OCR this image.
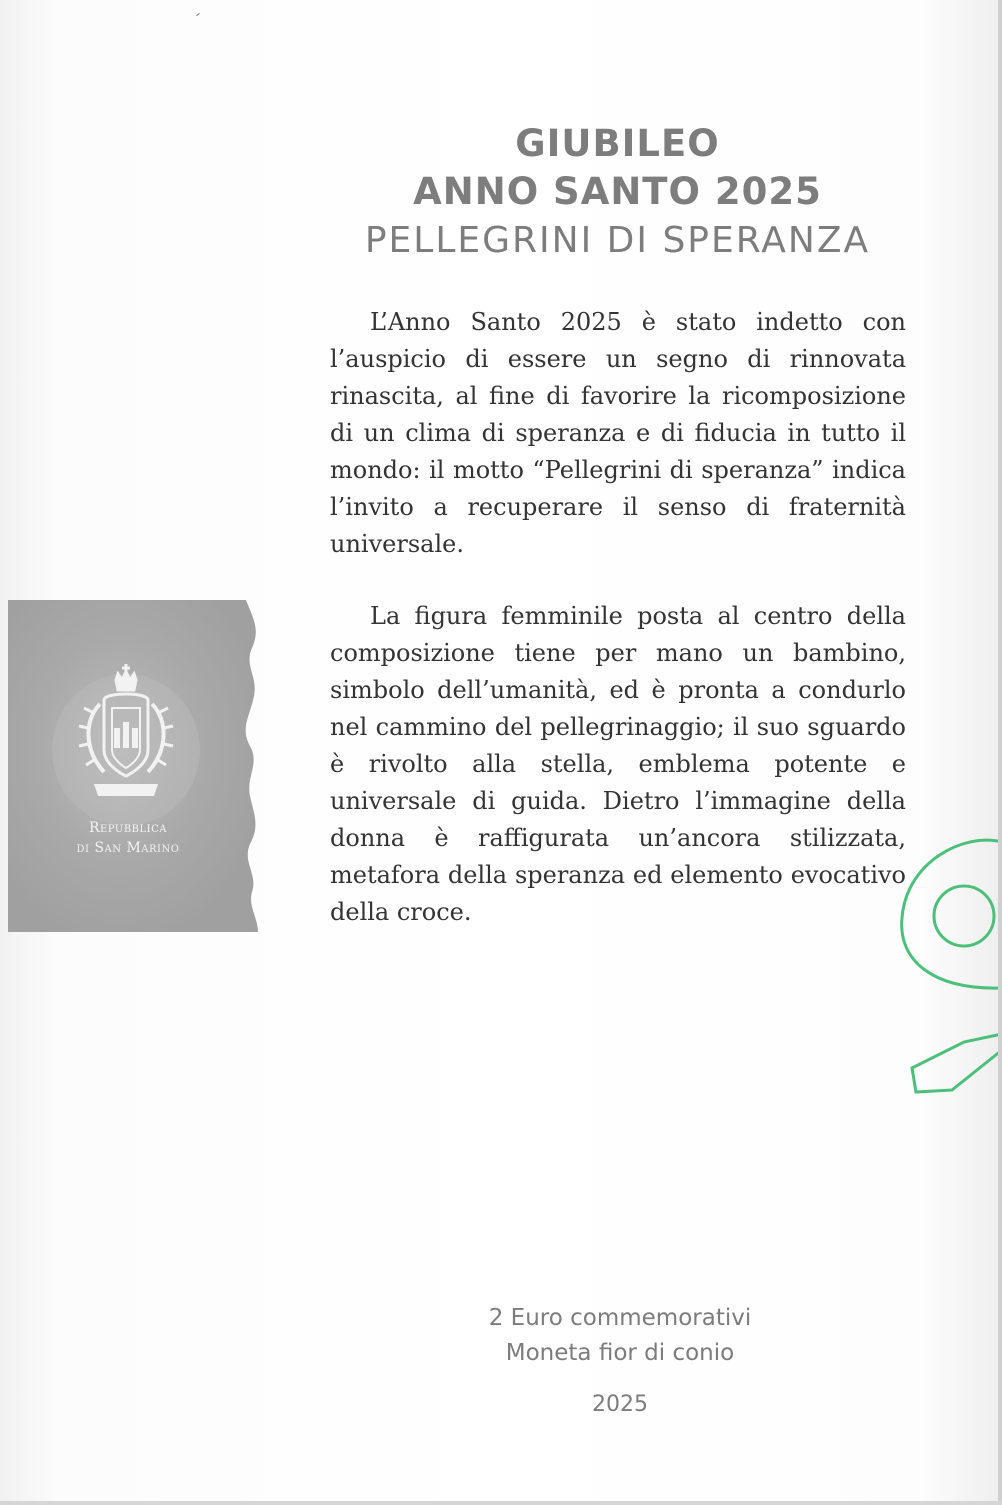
GIUBILEO
ANNO SANTO 2025
PELLEGRINI DI SPERANZA

L’Anno Santo 2025 è stato indetto con l’auspicio di essere un segno di rinnovata rinascita, al fine di favorire la ricomposizione di un clima di speranza e di fiducia in tutto il mondo: il motto “Pellegrini di speranza” indica l’invito a recuperare il senso di fraternità universale.

La figura femminile posta al centro della composizione tiene per mano un bambino, simbolo dell’umanità, ed è pronta a condurlo nel cammino del pellegrinaggio; il suo sguardo è rivolto alla stella, emblema potente e universale di guida. Dietro l’immagine della donna è raffigurata un’ancora stilizzata, metafora della speranza ed elemento evocativo della croce.

Repubblica

di San Marino

2 Euro commemorativi

Moneta fior di conio

2025
